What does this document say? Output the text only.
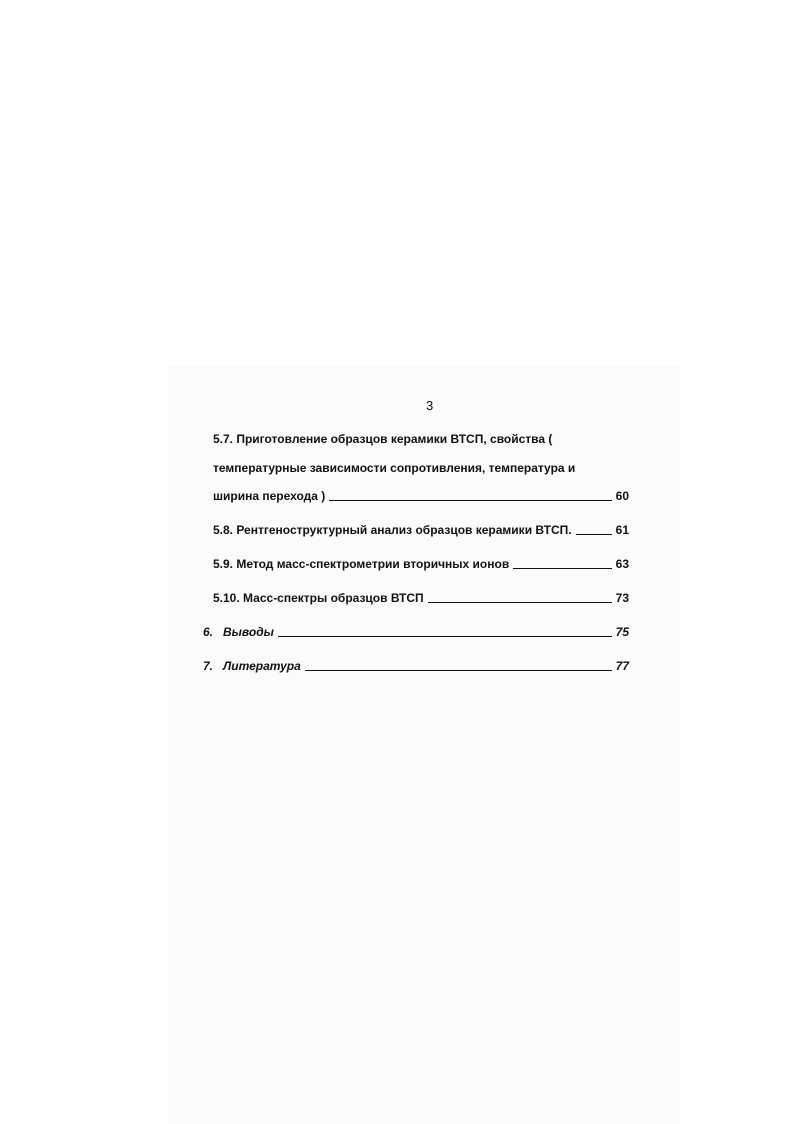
3
5.7. Приготовление образцов керамики ВТСП, свойства (
температурные зависимости сопротивления, температура и
ширина перехода )	60
5.8. Рентгеноструктурный анализ образцов керамики ВТСП.	61
5.9. Метод масс-спектрометрии вторичных ионов	63
5.10. Масс-спектры образцов ВТСП	73
6. Выводы	75
7. Литература	77
